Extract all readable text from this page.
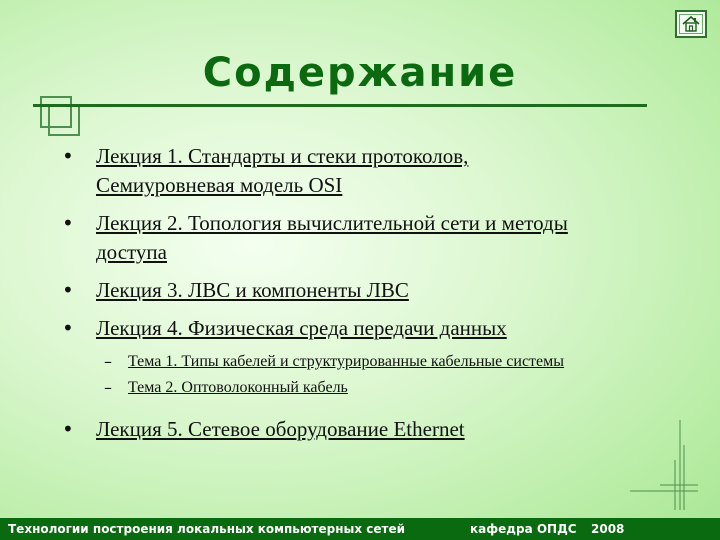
Содержание
• Лекция 1. Стандарты и стеки протоколов,
Семиуровневая модель OSI
• Лекция 2. Топология вычислительной сети и методы
доступа
• Лекция 3. ЛВС и компоненты ЛВС
• Лекция 4. Физическая среда передачи данных
– Тема 1. Типы кабелей и структурированные кабельные системы
– Тема 2. Оптоволоконный кабель
• Лекция 5. Сетевое оборудование Ethernet
Технологии построения локальных компьютерных сетей	кафедра ОПДС 2008
